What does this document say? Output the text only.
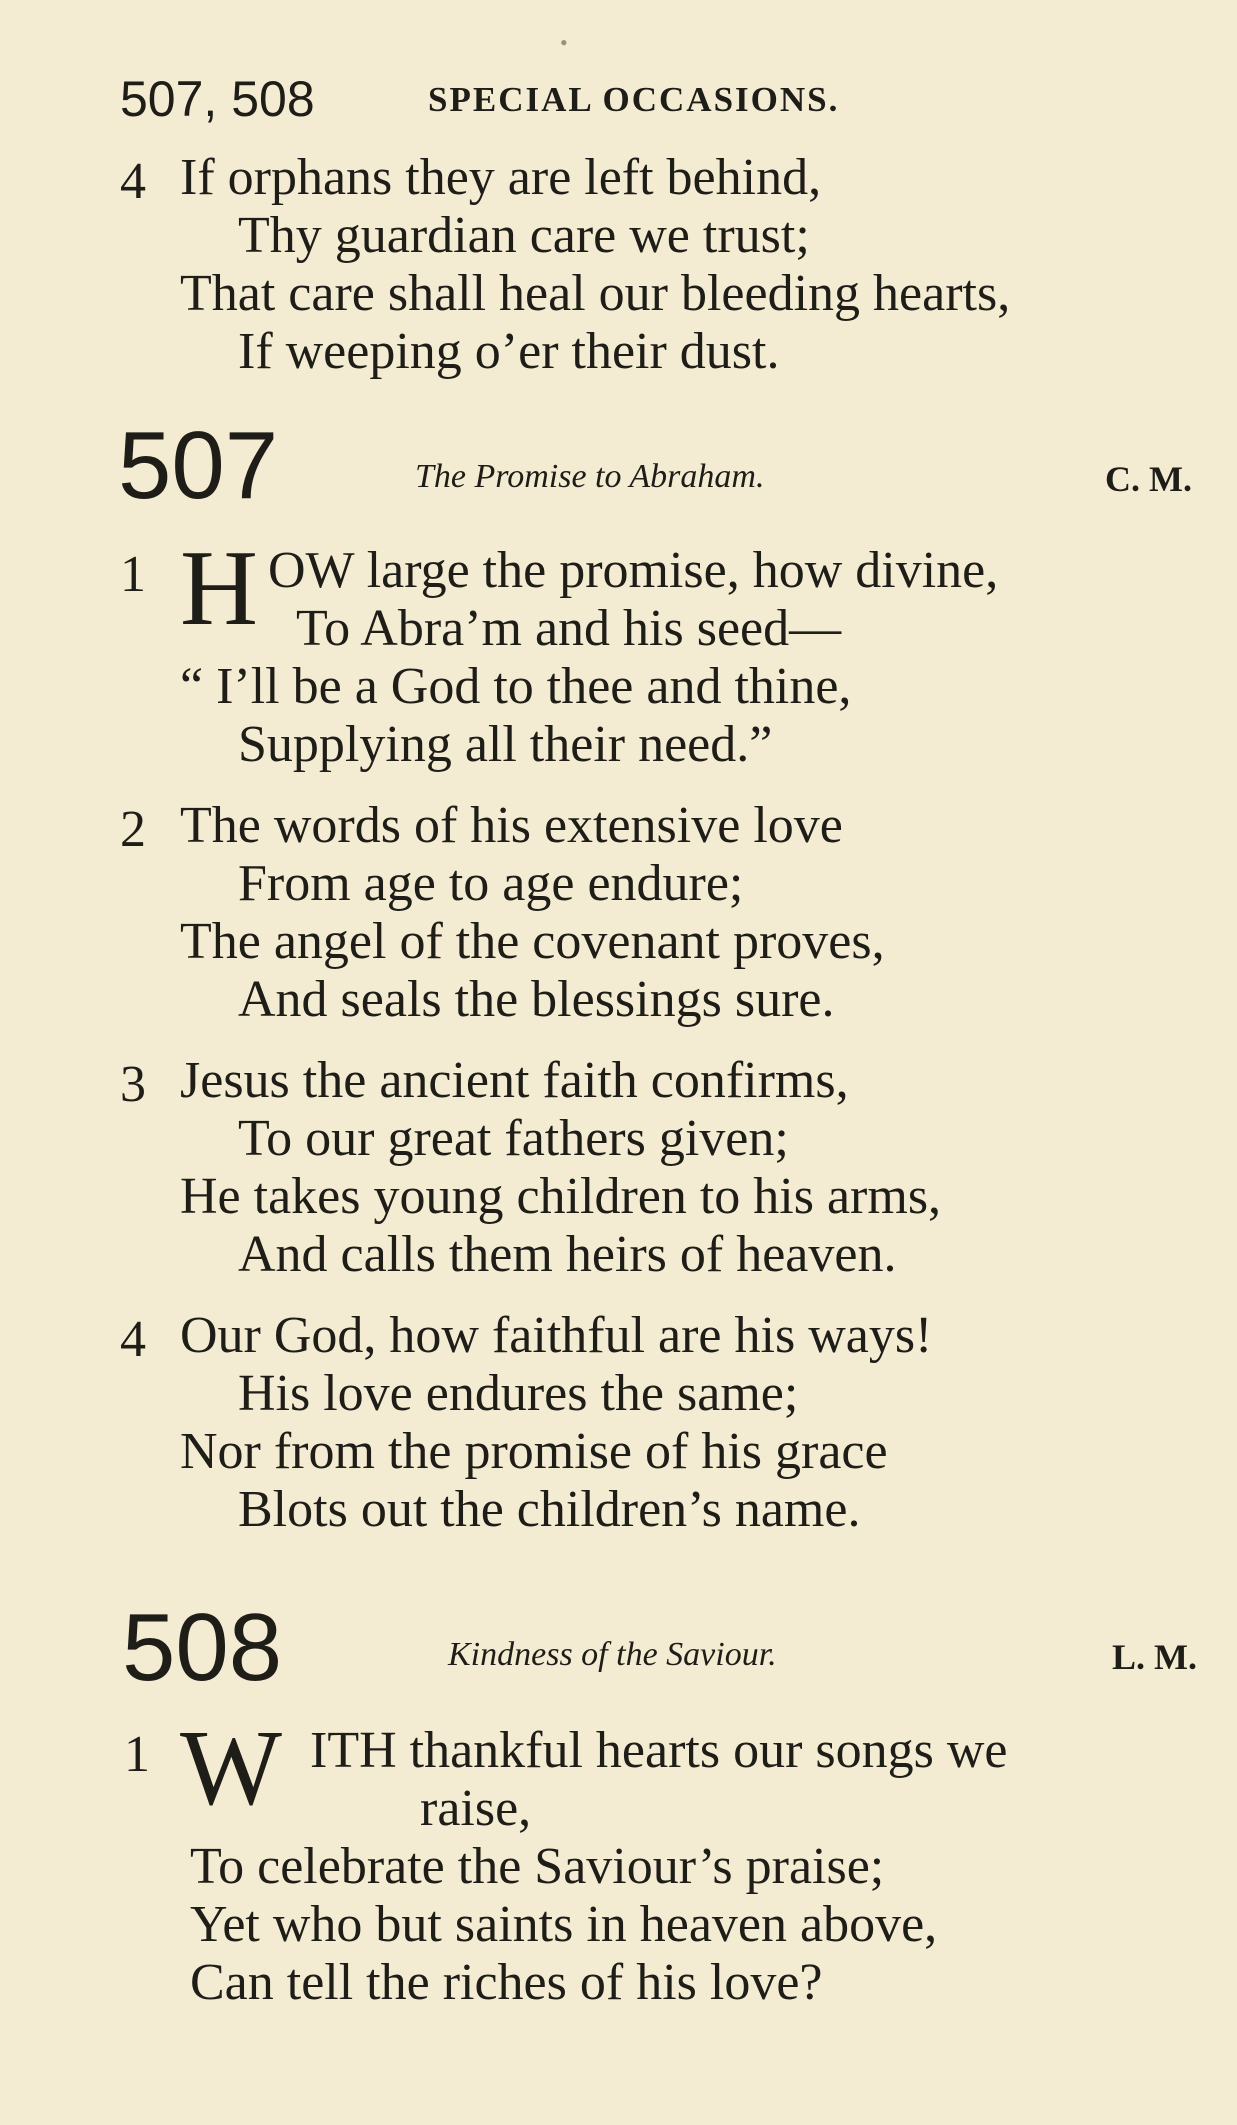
•
507, 508	SPECIAL OCCASIONS.
4 If orphans they are left behind,
Thy guardian care we trust;
That care shall heal our bleeding hearts,
If weeping o’er their dust.
507	The Promise to Abraham.	C. M.
1 H OW large the promise, how divine,
To Abra’m and his seed—
“ I’ll be a God to thee and thine,
Supplying all their need.”
2 The words of his extensive love
From age to age endure;
The angel of the covenant proves,
And seals the blessings sure.
3 Jesus the ancient faith confirms,
To our great fathers given;
He takes young children to his arms,
And calls them heirs of heaven.
4 Our God, how faithful are his ways!
His love endures the same;
Nor from the promise of his grace
Blots out the children’s name.
508	Kindness of the Saviour.	L. M.
1 W ITH thankful hearts our songs we
raise,
To celebrate the Saviour’s praise;
Yet who but saints in heaven above,
Can tell the riches of his love?
